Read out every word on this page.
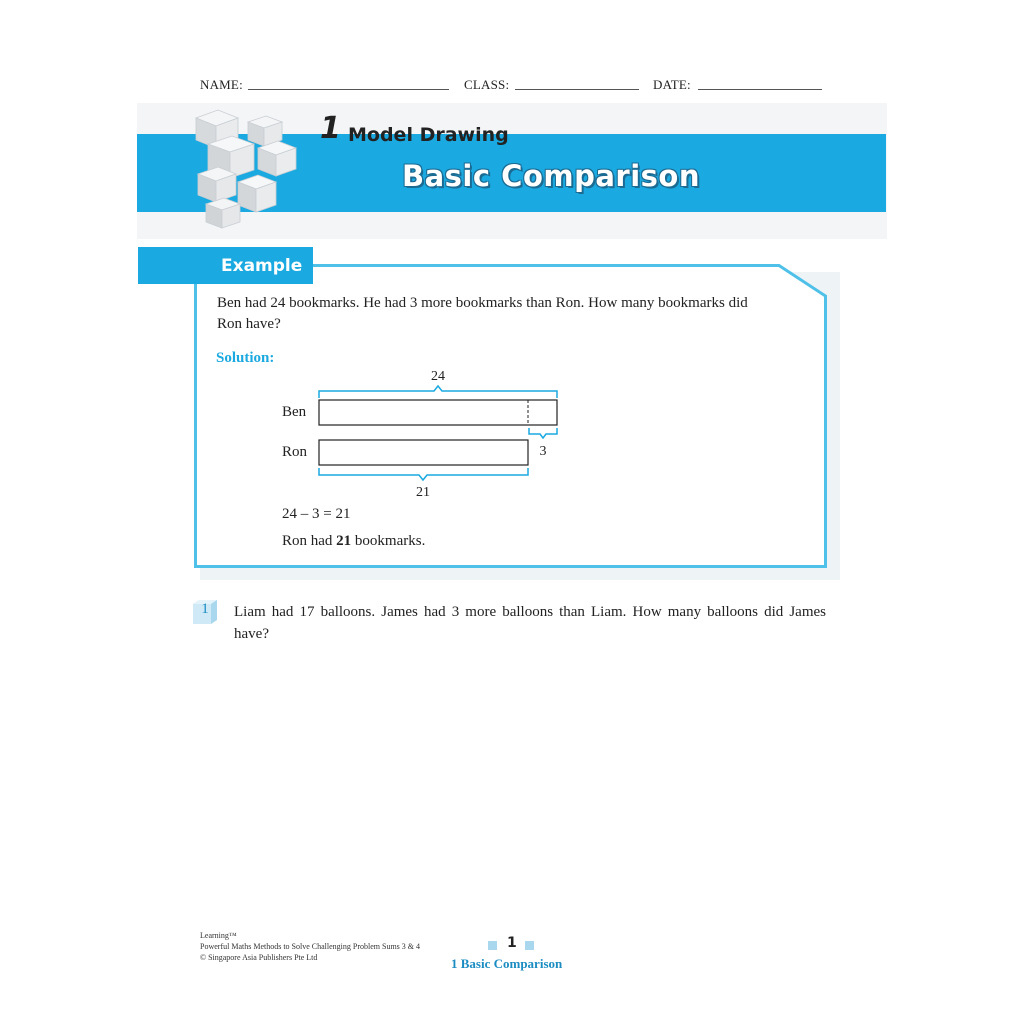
NAME:	CLASS:	DATE:
1 Model Drawing
Basic Comparison
Example
Ben had 24 bookmarks. He had 3 more bookmarks than Ron. How many bookmarks did
Ron have?
Solution:
24
Ben
3
Ron
21
24 – 3 = 21
Ron had 21 bookmarks.
1	Liam had 17 balloons. James had 3 more balloons than Liam. How many balloons did James have?
Learning™
Powerful Maths Methods to Solve Challenging Problem Sums 3 & 4
© Singapore Asia Publishers Pte Ltd
1
1 Basic Comparison
